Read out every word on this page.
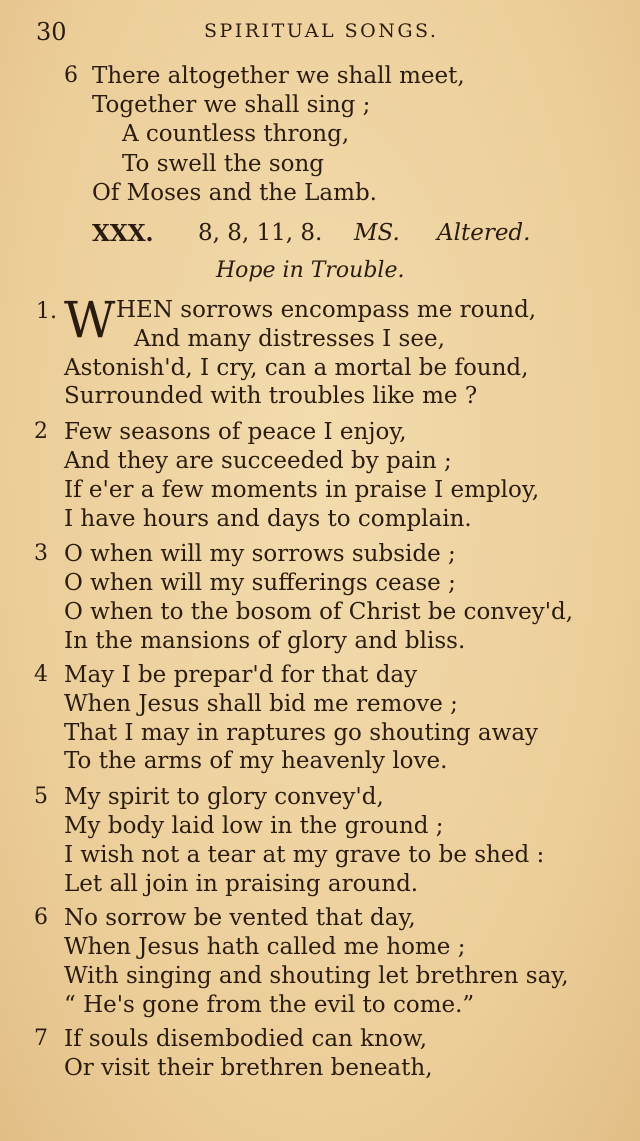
30	SPIRITUAL SONGS.
6 There altogether we shall meet,
Together we shall sing ;
A countless throng,
To swell the song
Of Moses and the Lamb.
XXX. 8, 8, 11, 8. MS. Altered.
Hope in Trouble.
1. W HEN sorrows encompass me round,
And many distresses I see,
Astonish'd, I cry, can a mortal be found,
Surrounded with troubles like me ?
2 Few seasons of peace I enjoy,
And they are succeeded by pain ;
If e'er a few moments in praise I employ,
I have hours and days to complain.
3 O when will my sorrows subside ;
O when will my sufferings cease ;
O when to the bosom of Christ be convey'd,
In the mansions of glory and bliss.
4 May I be prepar'd for that day
When Jesus shall bid me remove ;
That I may in raptures go shouting away
To the arms of my heavenly love.
5 My spirit to glory convey'd,
My body laid low in the ground ;
I wish not a tear at my grave to be shed :
Let all join in praising around.
6 No sorrow be vented that day,
When Jesus hath called me home ;
With singing and shouting let brethren say,
“ He's gone from the evil to come.”
7 If souls disembodied can know,
Or visit their brethren beneath,
